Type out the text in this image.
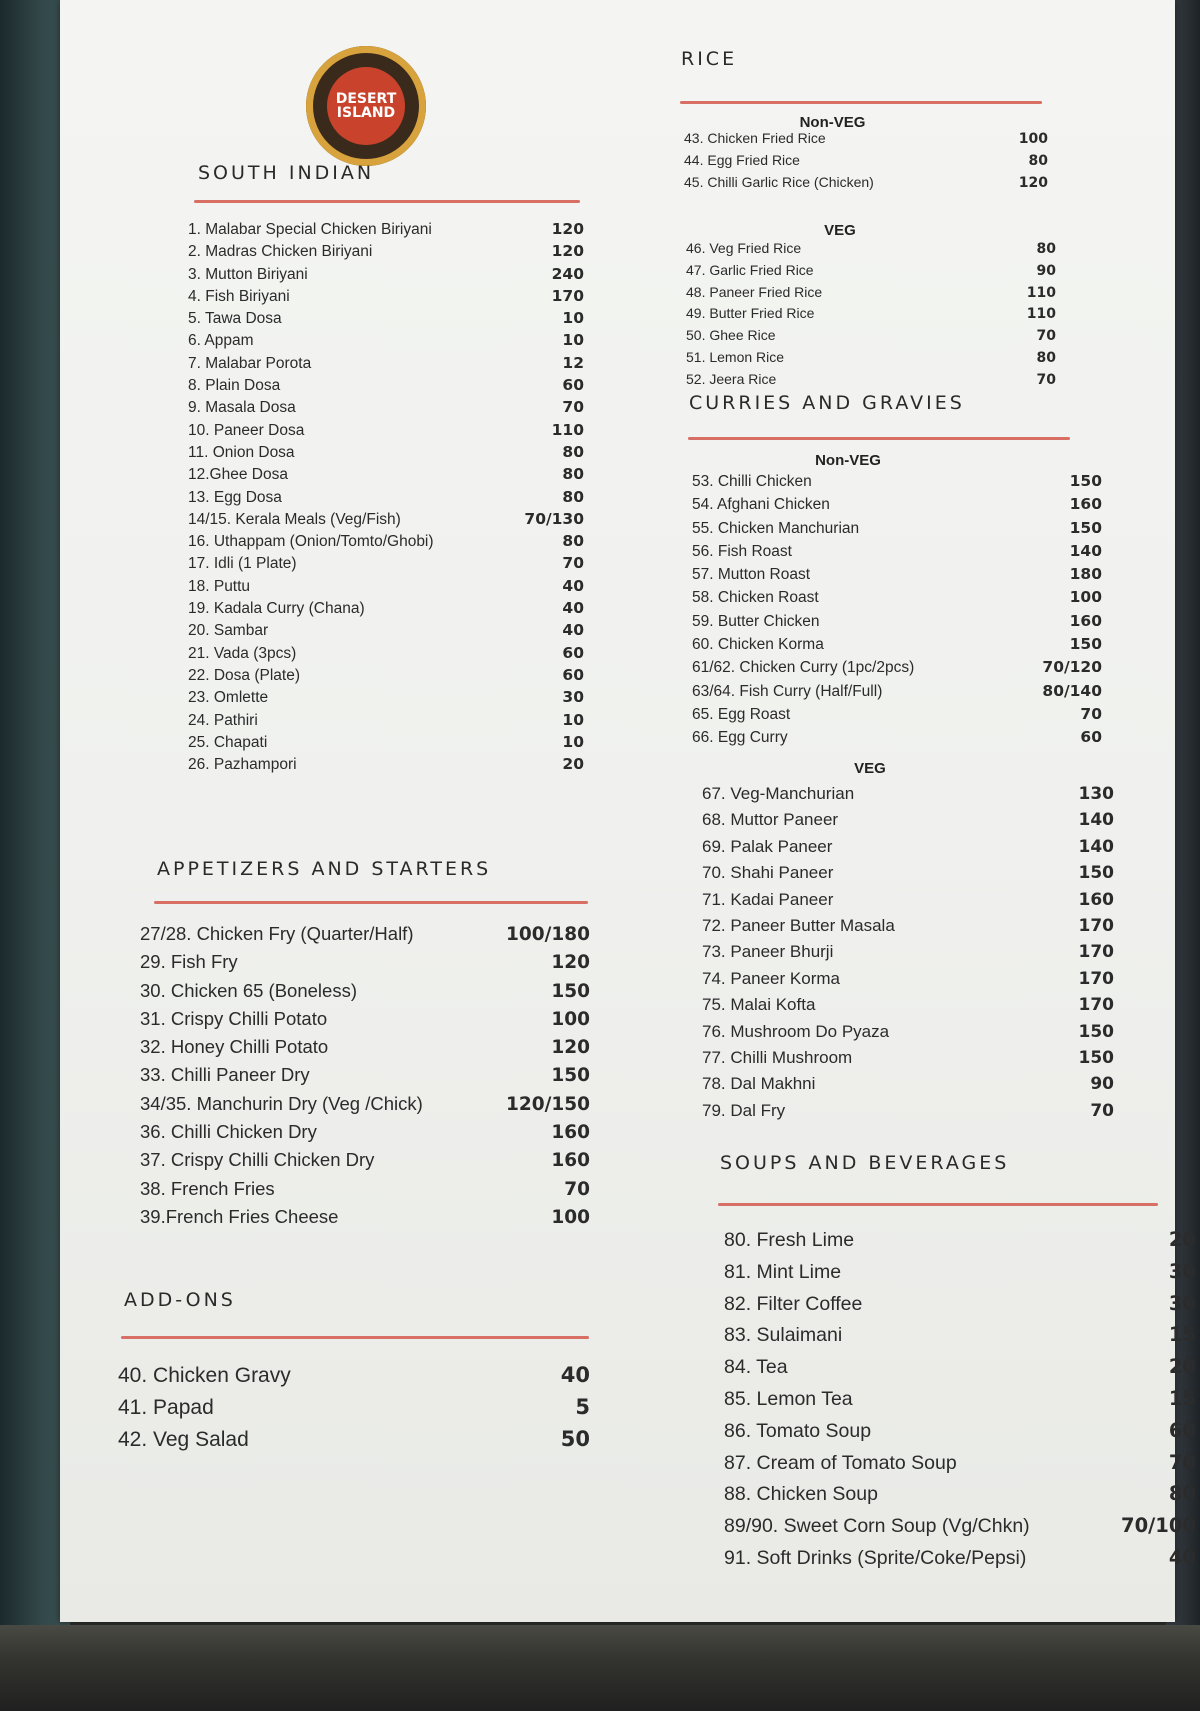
DESERT
ISLAND
SOUTH INDIAN
1. Malabar Special Chicken Biriyani	120
2. Madras Chicken Biriyani	120
3. Mutton Biriyani	240
4. Fish Biriyani	170
5. Tawa Dosa	10
6. Appam	10
7. Malabar Porota	12
8. Plain Dosa	60
9. Masala Dosa	70
10. Paneer Dosa	110
11. Onion Dosa	80
12.Ghee Dosa	80
13. Egg Dosa	80
14/15. Kerala Meals (Veg/Fish)	70/130
16. Uthappam (Onion/Tomto/Ghobi)	80
17. Idli (1 Plate)	70
18. Puttu	40
19. Kadala Curry (Chana)	40
20. Sambar	40
21. Vada (3pcs)	60
22. Dosa (Plate)	60
23. Omlette	30
24. Pathiri	10
25. Chapati	10
26. Pazhampori	20
APPETIZERS AND STARTERS
27/28. Chicken Fry (Quarter/Half)	100/180
29. Fish Fry	120
30. Chicken 65 (Boneless)	150
31. Crispy Chilli Potato	100
32. Honey Chilli Potato	120
33. Chilli Paneer Dry	150
34/35. Manchurin Dry (Veg /Chick)	120/150
36. Chilli Chicken Dry	160
37. Crispy Chilli Chicken Dry	160
38. French Fries	70
39.French Fries Cheese	100
ADD-ONS
40. Chicken Gravy	40
41. Papad	5
42. Veg Salad	50
RICE
Non-VEG
43. Chicken Fried Rice	100
44. Egg Fried Rice	80
45. Chilli Garlic Rice (Chicken)	120
VEG
46. Veg Fried Rice	80
47. Garlic Fried Rice	90
48. Paneer Fried Rice	110
49. Butter Fried Rice	110
50. Ghee Rice	70
51. Lemon Rice	80
52. Jeera Rice	70
CURRIES AND GRAVIES
Non-VEG
53. Chilli Chicken	150
54. Afghani Chicken	160
55. Chicken Manchurian	150
56. Fish Roast	140
57. Mutton Roast	180
58. Chicken Roast	100
59. Butter Chicken	160
60. Chicken Korma	150
61/62. Chicken Curry (1pc/2pcs)	70/120
63/64. Fish Curry (Half/Full)	80/140
65. Egg Roast	70
66. Egg Curry	60
VEG
67. Veg-Manchurian	130
68. Muttor Paneer	140
69. Palak Paneer	140
70. Shahi Paneer	150
71. Kadai Paneer	160
72. Paneer Butter Masala	170
73. Paneer Bhurji	170
74. Paneer Korma	170
75. Malai Kofta	170
76. Mushroom Do Pyaza	150
77. Chilli Mushroom	150
78. Dal Makhni	90
79. Dal Fry	70
SOUPS AND BEVERAGES
80. Fresh Lime	20
81. Mint Lime	30
82. Filter Coffee	30
83. Sulaimani	15
84. Tea	20
85. Lemon Tea	15
86. Tomato Soup	60
87. Cream of Tomato Soup	70
88. Chicken Soup	80
89/90. Sweet Corn Soup (Vg/Chkn)	70/100
91. Soft Drinks (Sprite/Coke/Pepsi)	40
